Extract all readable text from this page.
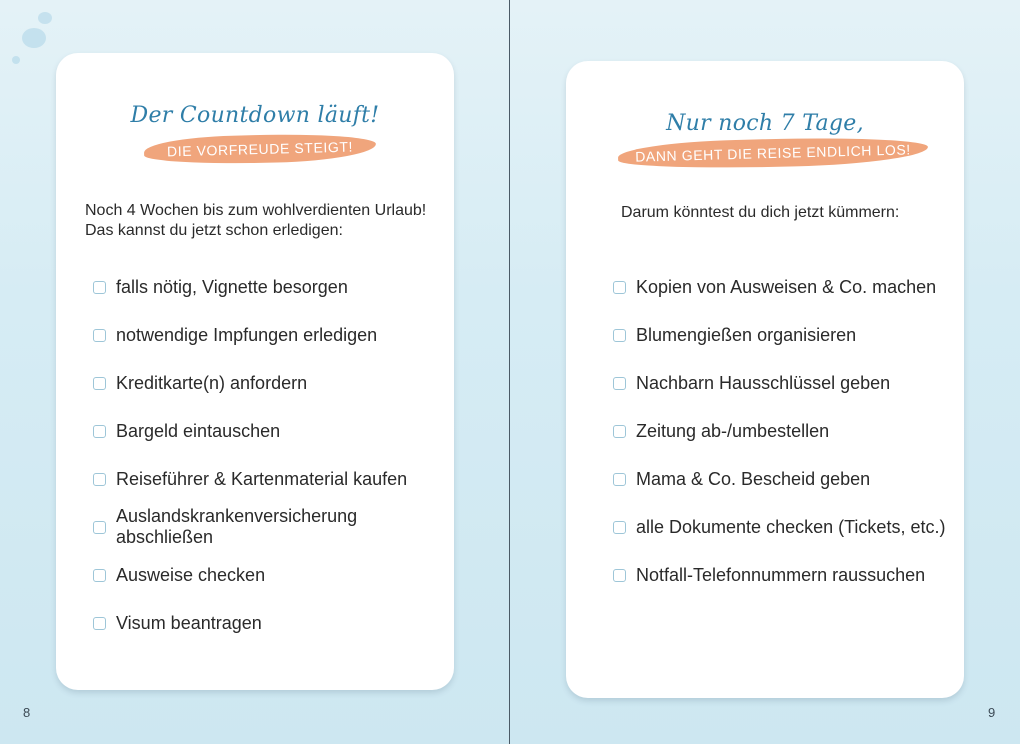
Der Countdown läuft!
DIE VORFREUDE STEIGT!
Noch 4 Wochen bis zum wohlverdienten Urlaub!
Das kannst du jetzt schon erledigen:
falls nötig, Vignette besorgen
notwendige Impfungen erledigen
Kreditkarte(n) anfordern
Bargeld eintauschen
Reiseführer & Kartenmaterial kaufen
Auslandskrankenversicherung abschließen
Ausweise checken
Visum beantragen
Nur noch 7 Tage,
DANN GEHT DIE REISE ENDLICH LOS!
Darum könntest du dich jetzt kümmern:
Kopien von Ausweisen & Co. machen
Blumengießen organisieren
Nachbarn Hausschlüssel geben
Zeitung ab-/umbestellen
Mama & Co. Bescheid geben
alle Dokumente checken (Tickets, etc.)
Notfall-Telefonnummern raussuchen
8	9
